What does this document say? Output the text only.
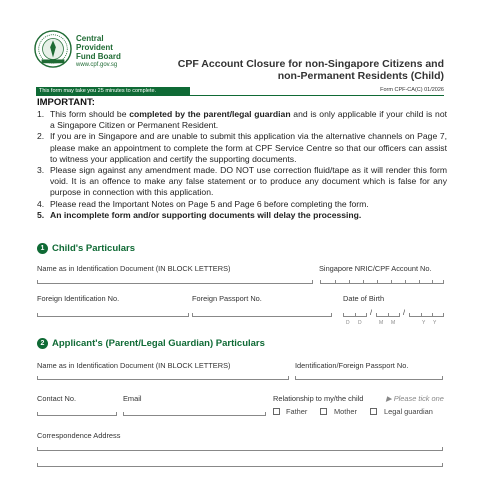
Central
Provident
Fund Board
www.cpf.gov.sg	CPF Account Closure for non-Singapore Citizens and
non-Permanent Residents (Child)
This form may take you 25 minutes to complete.	Form CPF-CA(C) 01/2026
IMPORTANT:
1. This form should be completed by the parent/legal guardian and is only applicable if your child is not a Singapore Citizen or Permanent Resident.
2. If you are in Singapore and are unable to submit this application via the alternative channels on Page 7, please make an appointment to complete the form at CPF Service Centre so that our officers can assist to witness your application and certify the supporting documents.
3. Please sign against any amendment made. DO NOT use correction fluid/tape as it will render this form void. It is an offence to make any false statement or to produce any document which is false for any purpose in connection with this application.
4. Please read the Important Notes on Page 5 and Page 6 before completing the form.
5. An incomplete form and/or supporting documents will delay the processing.
1 Child's Particulars
Name as in Identification Document (IN BLOCK LETTERS)	Singapore NRIC/CPF Account No.
Foreign Identification No.	Foreign Passport No.	Date of Birth
/	/
D D	M M	Y Y
2 Applicant's (Parent/Legal Guardian) Particulars
Name as in Identification Document (IN BLOCK LETTERS)	Identification/Foreign Passport No.
Contact No.	Email	Relationship to my/the child	▶ Please tick one
Father	Mother	Legal guardian
Correspondence Address
